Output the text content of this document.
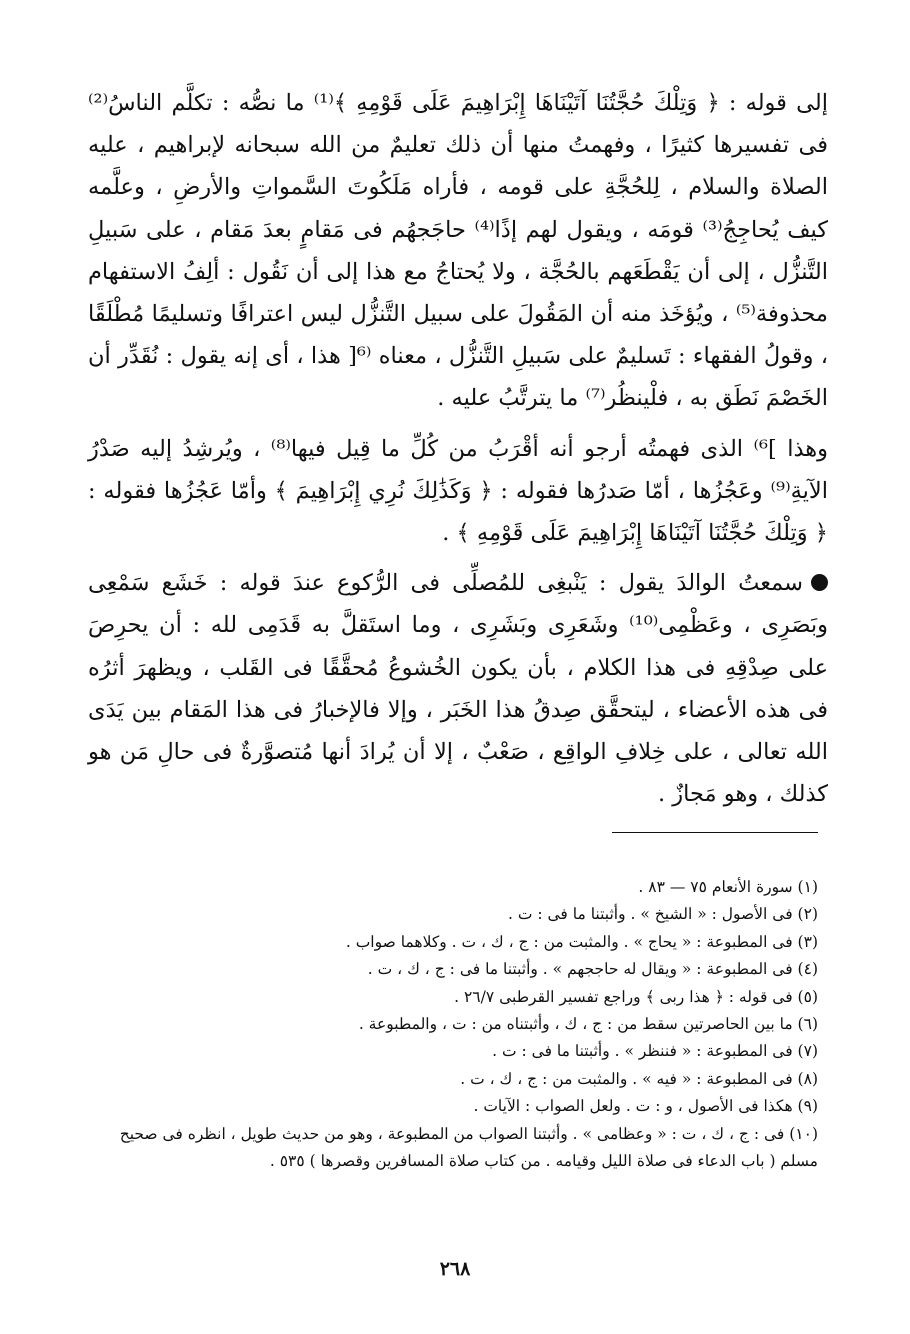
إلى قوله : ﴿ وَتِلْكَ حُجَّتُنَا آتَيْنَاهَا إِبْرَاهِيمَ عَلَى قَوْمِهِ ﴾⁽¹⁾ ما نصُّه : تكلَّم الناسُ⁽²⁾ فى تفسيرها كثيرًا ، وفهمتُ منها أن ذلك تعليمٌ من الله سبحانه لإبراهيم ، عليه الصلاة والسلام ، لِلحُجَّةِ على قومه ، فأراه مَلَكُوتَ السَّمواتِ والأرضِ ، وعلَّمه كيف يُحاجِجُ⁽³⁾ قومَه ، ويقول لهم إذًا⁽⁴⁾ حاجَجهُم فى مَقامٍ بعدَ مَقام ، على سَبيلِ التَّنزُّل ، إلى أن يَقْطَعَهم بالحُجَّة ، ولا يُحتاجُ مع هذا إلى أن نَقُول : ألِفُ الاستفهام محذوفة⁽⁵⁾ ، ويُؤخَذ منه أن المَقُولَ على سبيل التَّنزُّل ليس اعترافًا وتسليمًا مُطْلَقًا ، وقولُ الفقهاء : تَسليمٌ على سَبيلِ التَّنزُّل ، معناه ⁽⁶[ هذا ، أى إنه يقول : نُقَدِّر أن الخَصْمَ نَطَق به ، فلْينظُر⁽⁷⁾ ما يترتَّبُ عليه .

وهذا ]⁶⁾ الذى فهمتُه أرجو أنه أقْرَبُ من كُلِّ ما قِيل فيها⁽⁸⁾ ، ويُرشِدُ إليه صَدْرُ الآيةِ⁽⁹⁾ وعَجُزُها ، أمّا صَدرُها فقوله : ﴿ وَكَذَٰلِكَ نُرِي إِبْرَاهِيمَ ﴾ وأمّا عَجُزُها فقوله : ﴿ وَتِلْكَ حُجَّتُنَا آتَيْنَاهَا إِبْرَاهِيمَ عَلَى قَوْمِهِ ﴾ .

سمعتُ الوالدَ يقول : يَنْبغِى للمُصلِّى فى الرُّكوع عندَ قوله : خَشَع سَمْعِى وبَصَرِى ، وعَظْمِى⁽¹⁰⁾ وشَعَرِى وبَشَرِى ، وما استَقلَّ به قَدَمِى لله : أن يحرِصَ على صِدْقِهِ فى هذا الكلام ، بأن يكون الخُشوعُ مُحقَّقًا فى القَلب ، ويظهرَ أثرُه فى هذه الأعضاء ، ليتحقَّق صِدقُ هذا الخَبَر ، وإلا فالإخبارُ فى هذا المَقام بين يَدَى الله تعالى ، على خِلافِ الواقِع ، صَعْبٌ ، إلا أن يُرادَ أنها مُتصوَّرةٌ فى حالِ مَن هو كذلك ، وهو مَجازٌ .

(١) سورة الأنعام ٧٥ — ٨٣ .
(٢) فى الأصول : « الشيخ » . وأثبتنا ما فى : ت .
(٣) فى المطبوعة : « يحاج » . والمثبت من : ج ، ك ، ت . وكلاهما صواب .
(٤) فى المطبوعة : « ويقال له حاججهم » . وأثبتنا ما فى : ج ، ك ، ت .
(٥) فى قوله : ﴿ هذا ربى ﴾ وراجع تفسير القرطبى ٢٦/٧ .
(٦) ما بين الحاصرتين سقط من : ج ، ك ، وأثبتناه من : ت ، والمطبوعة .
(٧) فى المطبوعة : « فننظر » . وأثبتنا ما فى : ت .
(٨) فى المطبوعة : « فيه » . والمثبت من : ج ، ك ، ت .
(٩) هكذا فى الأصول ، و : ت . ولعل الصواب : الآيات .
(١٠) فى : ج ، ك ، ت : « وعظامى » . وأثبتنا الصواب من المطبوعة ، وهو من حديث طويل ، انظره فى صحيح مسلم ( باب الدعاء فى صلاة الليل وقيامه . من كتاب صلاة المسافرين وقصرها ) ٥٣٥ .
٢٦٨
